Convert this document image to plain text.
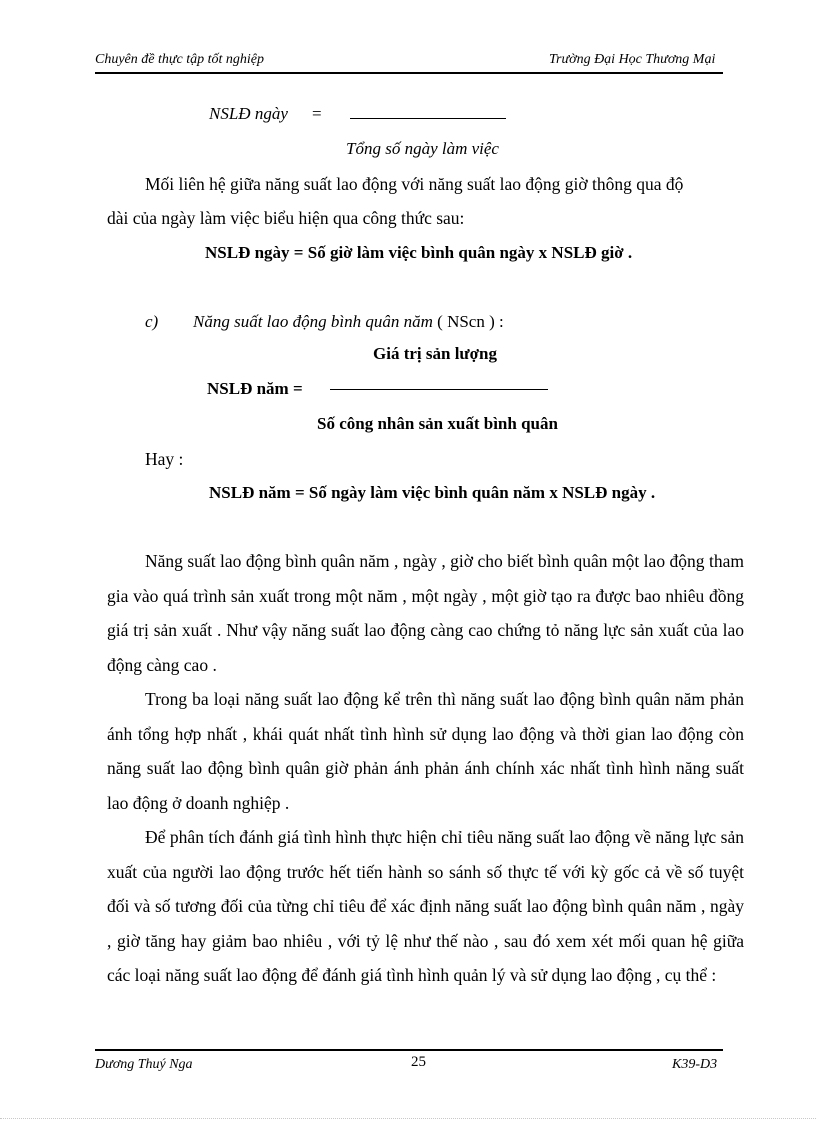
Chuyên đề thực tập tốt nghiệp	Trường Đại Học Thương Mại
NSLĐ ngày =
Tổng số ngày làm việc
Mối liên hệ giữa năng suất lao động với năng suất lao động giờ thông qua độ
dài của ngày làm việc biểu hiện qua công thức sau:
NSLĐ ngày = Số giờ làm việc bình quân ngày x NSLĐ giờ .
c) Năng suất lao động bình quân năm ( NScn ) :
Giá trị sản lượng
NSLĐ năm =
Số công nhân sản xuất bình quân
Hay :
NSLĐ năm = Số ngày làm việc bình quân năm x NSLĐ ngày .
Năng suất lao động bình quân năm , ngày , giờ cho biết bình quân một lao động tham gia vào quá trình sản xuất trong một năm , một ngày , một giờ tạo ra được bao nhiêu đồng giá trị sản xuất . Như vậy năng suất lao động càng cao chứng tỏ năng lực sản xuất của lao động càng cao .
Trong ba loại năng suất lao động kể trên thì năng suất lao động bình quân năm phản ánh tổng hợp nhất , khái quát nhất tình hình sử dụng lao động và thời gian lao động còn năng suất lao động bình quân giờ phản ánh phản ánh chính xác nhất tình hình năng suất lao động ở doanh nghiệp .
Để phân tích đánh giá tình hình thực hiện chỉ tiêu năng suất lao động về năng lực sản xuất của người lao động trước hết tiến hành so sánh số thực tế với kỳ gốc cả về số tuyệt đối và số tương đối của từng chỉ tiêu để xác định năng suất lao động bình quân năm , ngày , giờ tăng hay giảm bao nhiêu , với tỷ lệ như thế nào , sau đó xem xét mối quan hệ giữa các loại năng suất lao động để đánh giá tình hình quản lý và sử dụng lao động , cụ thể :
Dương Thuý Nga	25	K39-D3
